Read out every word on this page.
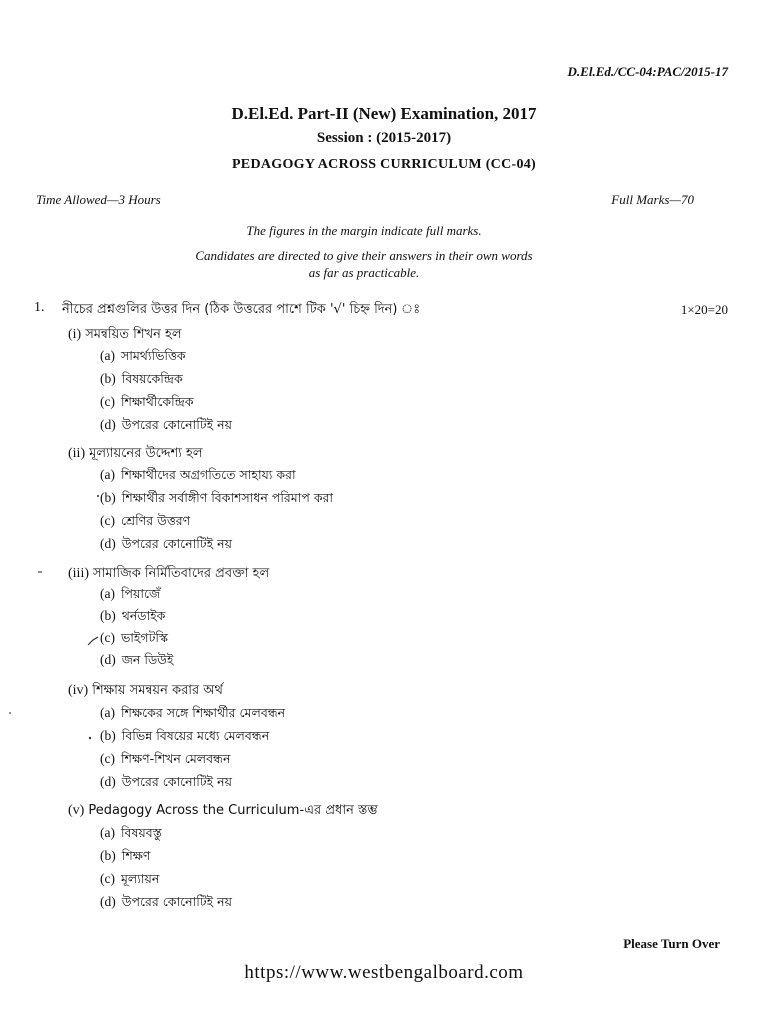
D.El.Ed./CC-04:PAC/2015-17
D.El.Ed. Part-II (New) Examination, 2017
Session : (2015-2017)
PEDAGOGY ACROSS CURRICULUM (CC-04)
Time Allowed—3 Hours	Full Marks—70
The figures in the margin indicate full marks.
Candidates are directed to give their answers in their own words
as far as practicable.
1. নীচের প্রশ্নগুলির উত্তর দিন (ঠিক উত্তরের পাশে টিক '√' চিহ্ন দিন) ঃ	1×20=20
(i) সমন্বয়িত শিখন হল
(a) সামর্থ্যভিত্তিক
(b) বিষয়কেন্দ্রিক
(c) শিক্ষার্থীকেন্দ্রিক
(d) উপরের কোনোটিই নয়
(ii) মূল্যায়নের উদ্দেশ্য হল
(a) শিক্ষার্থীদের অগ্রগতিতে সাহায্য করা
(b) শিক্ষার্থীর সর্বাঙ্গীণ বিকাশসাধন পরিমাপ করা
(c) শ্রেণির উত্তরণ
(d) উপরের কোনোটিই নয়
(iii) সামাজিক নির্মিতিবাদের প্রবক্তা হল
(a) পিয়াজেঁ
(b) থর্নডাইক
(c) ভাইগটস্কি
(d) জন ডিউই
(iv) শিক্ষায় সমন্বয়ন করার অর্থ
(a) শিক্ষকের সঙ্গে শিক্ষার্থীর মেলবন্ধন
(b) বিভিন্ন বিষয়ের মধ্যে মেলবন্ধন
(c) শিক্ষণ-শিখন মেলবন্ধন
(d) উপরের কোনোটিই নয়
(v) Pedagogy Across the Curriculum-এর প্রধান স্তম্ভ
(a) বিষয়বস্তু
(b) শিক্ষণ
(c) মূল্যায়ন
(d) উপরের কোনোটিই নয়
Please Turn Over
https://www.westbengalboard.com
